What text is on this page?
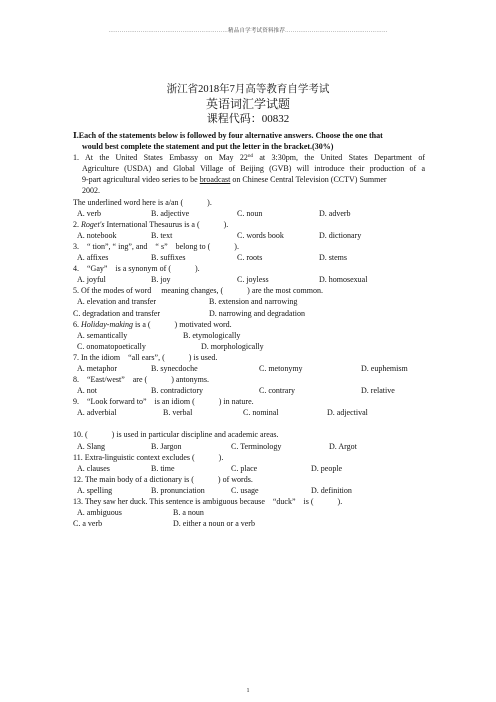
………………………………………………………精品自学考试资料推荐………………………………………………
浙江省2018年7月高等教育自学考试
英语词汇学试题
课程代码：00832
Ⅰ.Each of the statements below is followed by four alternative answers. Choose the one that
would best complete the statement and put the letter in the bracket.(30%)
1. At the United States Embassy on May 22nd at 3:30pm, the United States Department of
Agriculture (USDA) and Global Village of Beijing (GVB) will introduce their production of a
9-part agricultural video series to be broadcast on Chinese Central Television (CCTV) Summer
2002.
The underlined word here is a/an (　　　).
A. verb	B. adjective	C. noun	D. adverb
2. Roget's International Thesaurus is a (　　　).
A. notebook	B. text	C. words book	D. dictionary
3.　“ tion”, “ ing”, and　“ s”　belong to (　　　).
A. affixes	B. suffixes	C. roots	D. stems
4.　“Gay”　is a synonym of (　　　).
A. joyful	B. joy	C. joyless	D. homosexual
5. Of the modes of word　 meaning changes, (　　　) are the most common.
A. elevation and transfer	B. extension and narrowing
C. degradation and transfer	D. narrowing and degradation
6. Holiday-making is a (　　　) motivated word.
A. semantically	B. etymologically
C. onomatopoetically	D. morphologically
7. In the idiom　“all ears”, (　　　) is used.
A. metaphor	B. synecdoche	C. metonymy	D. euphemism
8.　“East/west”　are (　　　) antonyms.
A. not	B. contradictory	C. contrary	D. relative
9.　“Look forward to”　is an idiom (　　　) in nature.
A. adverbial	B. verbal	C. nominal	D. adjectival
10. (　　　) is used in particular discipline and academic areas.
A. Slang	B. Jargon	C. Terminology	D. Argot
11. Extra-linguistic context excludes (　　　).
A. clauses	B. time	C. place	D. people
12. The main body of a dictionary is (　　　) of words.
A. spelling	B. pronunciation	C. usage	D. definition
13. They saw her duck. This sentence is ambiguous because　“duck”　is (　　　).
A. ambiguous	B. a noun
C. a verb	D. either a noun or a verb
1
